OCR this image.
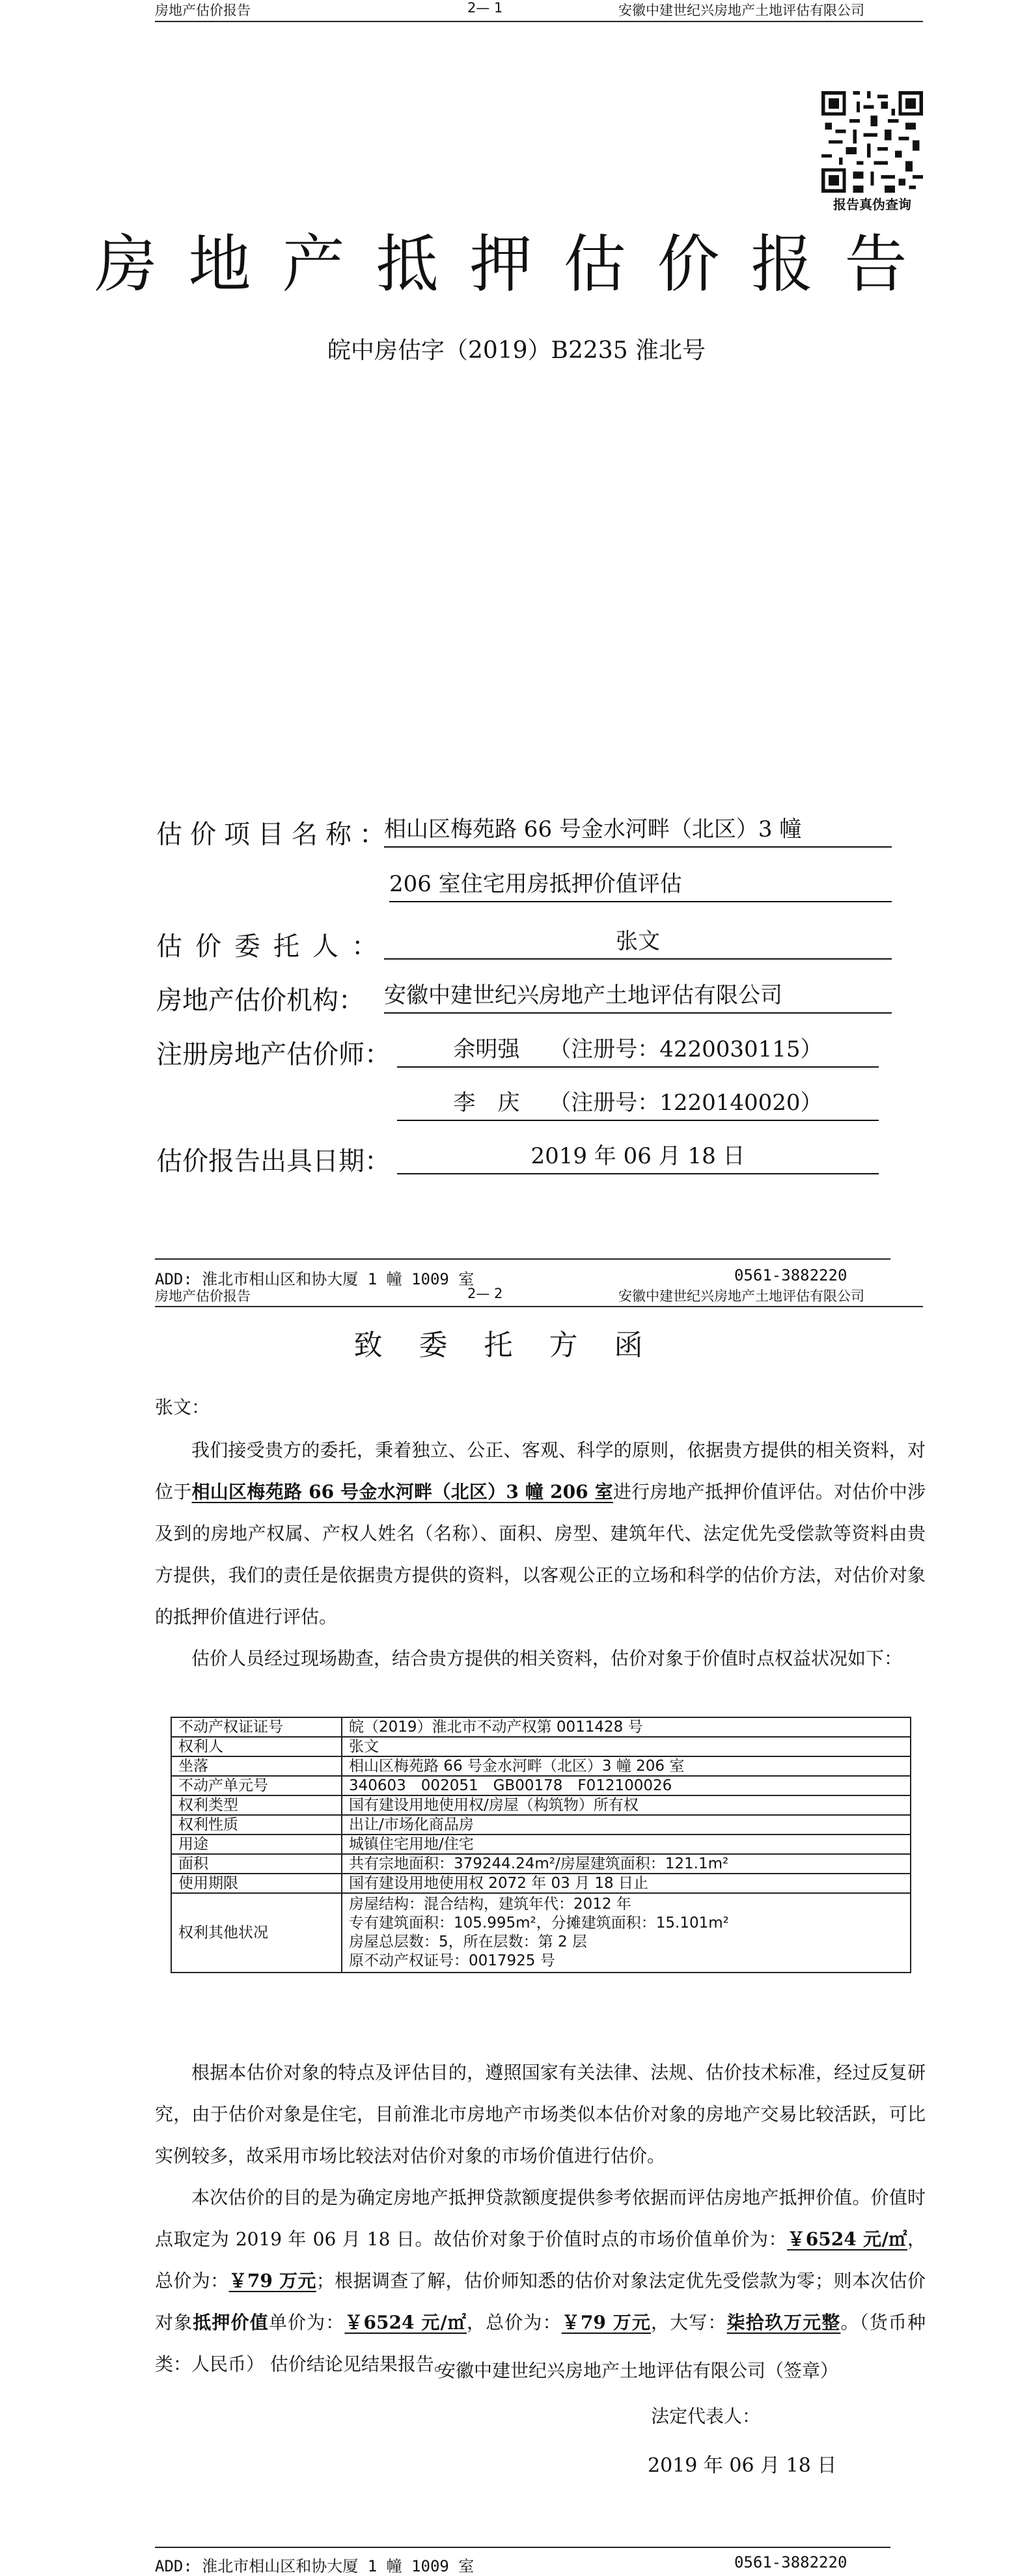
房地产估价报告	2— 1	安徽中建世纪兴房地产土地评估有限公司
报告真伪查询
房地产抵押估价报告
皖中房估字（2019）B2235 淮北号
估价项目名称：
相山区梅苑路 66 号金水河畔（北区）3 幢
206 室住宅用房抵押价值评估
估价委托人：	张文
房地产估价机构： 安徽中建世纪兴房地产土地评估有限公司
注册房地产估价师：	余明强　 （注册号：4220030115）
李　庆　 （注册号：1220140020）
估价报告出具日期：	2019 年 06 月 18 日
ADD: 淮北市相山区和协大厦 1 幢 1009 室	0561-3882220
房地产估价报告	2— 2	安徽中建世纪兴房地产土地评估有限公司
致委托方函
张文：
我们接受贵方的委托，秉着独立、公正、客观、科学的原则，依据贵方提供的相关资料，对位于相山区梅苑路 66 号金水河畔（北区）3 幢 206 室进行房地产抵押价值评估。对估价中涉及到的房地产权属、产权人姓名（名称）、面积、房型、建筑年代、法定优先受偿款等资料由贵方提供，我们的责任是依据贵方提供的资料，以客观公正的立场和科学的估价方法，对估价对象的抵押价值进行评估。
估价人员经过现场勘查，结合贵方提供的相关资料，估价对象于价值时点权益状况如下：
不动产权证证号	皖（2019）淮北市不动产权第 0011428 号
权利人	张文
坐落	相山区梅苑路 66 号金水河畔（北区）3 幢 206 室
不动产单元号	340603　002051　GB00178　F012100026
权利类型	国有建设用地使用权/房屋（构筑物）所有权
权利性质	出让/市场化商品房
用途	城镇住宅用地/住宅
面积	共有宗地面积：379244.24m²/房屋建筑面积：121.1m²
使用期限	国有建设用地使用权 2072 年 03 月 18 日止
权利其他状况	房屋结构：混合结构，建筑年代：2012 年
专有建筑面积：105.995m²，分摊建筑面积：15.101m²
房屋总层数：5，所在层数：第 2 层
原不动产权证号：0017925 号
根据本估价对象的特点及评估目的，遵照国家有关法律、法规、估价技术标准，经过反复研究，由于估价对象是住宅，目前淮北市房地产市场类似本估价对象的房地产交易比较活跃，可比实例较多，故采用市场比较法对估价对象的市场价值进行估价。
本次估价的目的是为确定房地产抵押贷款额度提供参考依据而评估房地产抵押价值。价值时点取定为 2019 年 06 月 18 日。故估价对象于价值时点的市场价值单价为：￥6524 元/㎡，总价为：￥79 万元；根据调查了解，估价师知悉的估价对象法定优先受偿款为零；则本次估价对象抵押价值单价为：￥6524 元/㎡，总价为：￥79 万元，大写：柒拾玖万元整。（货币种类：人民币） 估价结论见结果报告。
安徽中建世纪兴房地产土地评估有限公司（签章）
法定代表人：
2019 年 06 月 18 日
ADD: 淮北市相山区和协大厦 1 幢 1009 室	0561-3882220
